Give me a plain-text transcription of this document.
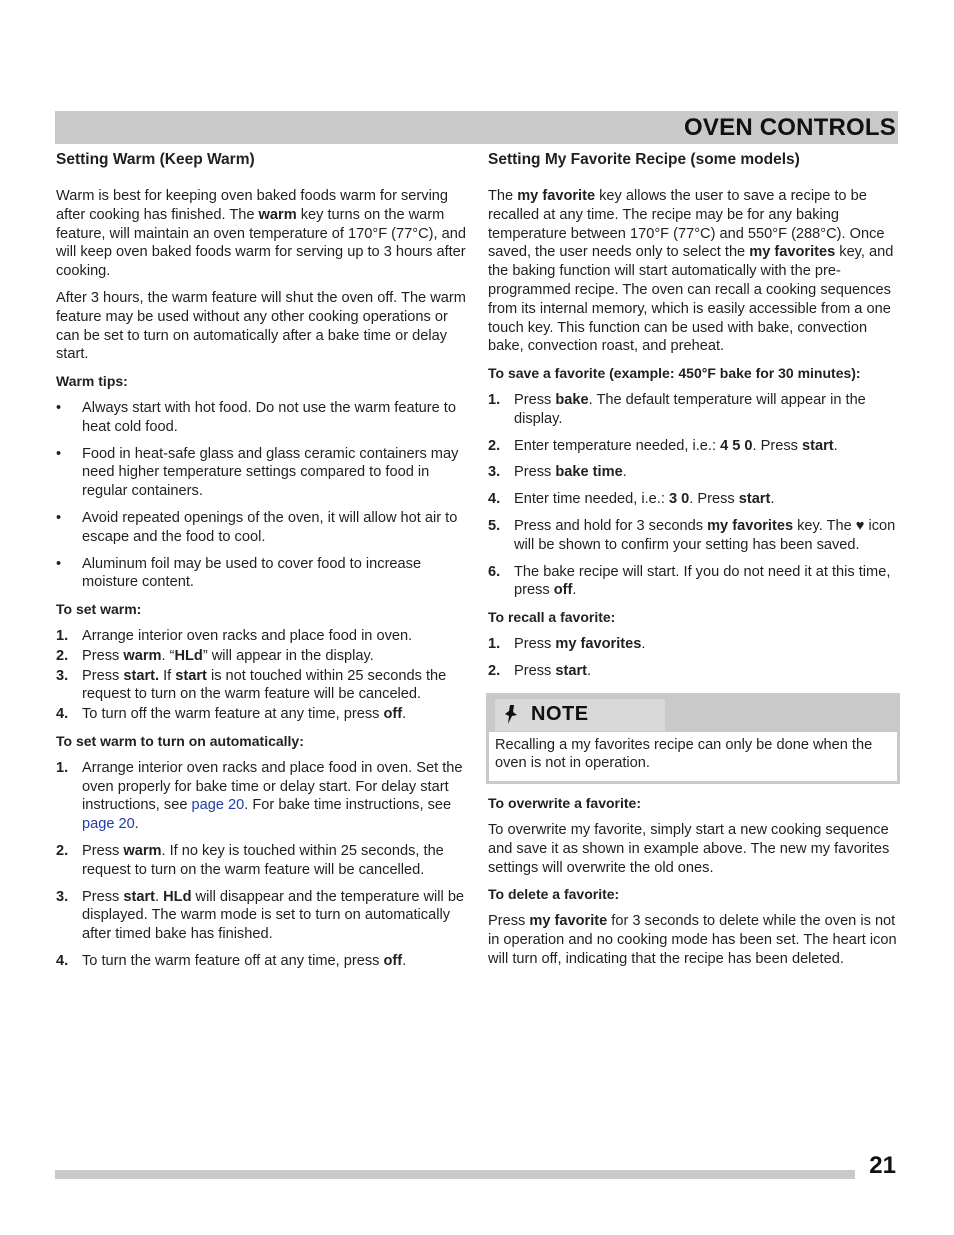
OVEN CONTROLS
Setting Warm (Keep Warm)

Warm is best for keeping oven baked foods warm for serving after cooking has finished. The warm key turns on the warm feature, will maintain an oven temperature of 170°F (77°C), and will keep oven baked foods warm for serving up to 3 hours after cooking.

After 3 hours, the warm feature will shut the oven off. The warm feature may be used without any other cooking operations or can be set to turn on automatically after a bake time or delay start.

Warm tips:
• Always start with hot food. Do not use the warm feature to heat cold food.
• Food in heat-safe glass and glass ceramic containers may need higher temperature settings compared to food in regular containers.
• Avoid repeated openings of the oven, it will allow hot air to escape and the food to cool.
• Aluminum foil may be used to cover food to increase moisture content.
To set warm:
1. Arrange interior oven racks and place food in oven.
2. Press warm. “HLd” will appear in the display.
3. Press start. If start is not touched within 25 seconds the request to turn on the warm feature will be canceled.
4. To turn off the warm feature at any time, press off.
To set warm to turn on automatically:
1. Arrange interior oven racks and place food in oven. Set the oven properly for bake time or delay start. For delay start instructions, see page 20. For bake time instructions, see page 20.
2. Press warm. If no key is touched within 25 seconds, the request to turn on the warm feature will be cancelled.
3. Press start. HLd will disappear and the temperature will be displayed. The warm mode is set to turn on automatically after timed bake has finished.
4. To turn the warm feature off at any time, press off.
Setting My Favorite Recipe (some models)

The my favorite key allows the user to save a recipe to be recalled at any time. The recipe may be for any baking temperature between 170°F (77°C) and 550°F (288°C). Once saved, the user needs only to select the my favorites key, and the baking function will start automatically with the pre-programmed recipe. The oven can recall a cooking sequences from its internal memory, which is easily accessible from a one touch key. This function can be used with bake, convection bake, convection roast, and preheat.

To save a favorite (example: 450°F bake for 30 minutes):
1. Press bake. The default temperature will appear in the display.
2. Enter temperature needed, i.e.: 4 5 0. Press start.
3. Press bake time.
4. Enter time needed, i.e.: 3 0. Press start.
5. Press and hold for 3 seconds my favorites key. The ♥ icon will be shown to confirm your setting has been saved.
6. The bake recipe will start. If you do not need it at this time, press off.
To recall a favorite:
1. Press my favorites.
2. Press start.
NOTE
Recalling a my favorites recipe can only be done when the oven is not in operation.
To overwrite a favorite:

To overwrite my favorite, simply start a new cooking sequence and save it as shown in example above. The new my favorites settings will overwrite the old ones.

To delete a favorite:

Press my favorite for 3 seconds to delete while the oven is not in operation and no cooking mode has been set. The heart icon will turn off, indicating that the recipe has been deleted.

21
